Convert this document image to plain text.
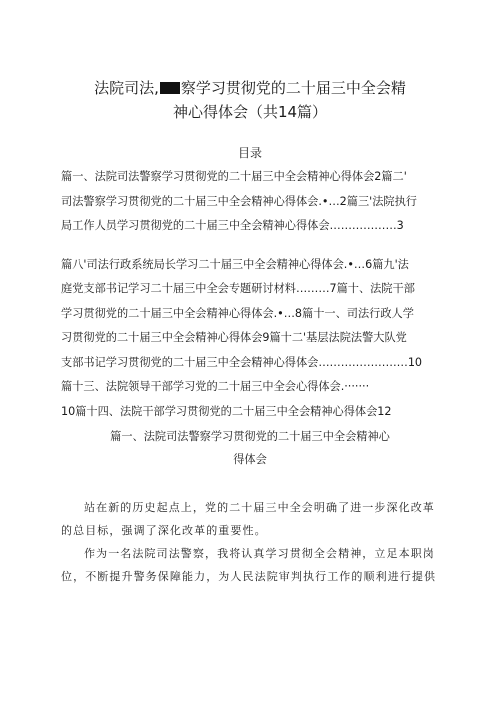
法院司法, 察学习贯彻党的二十届三中全会精
神心得体会（共14篇）
目录
篇一、法院司法警察学习贯彻党的二十届三中全会精神心得体会2篇二'
司法警察学习贯彻党的二十届三中全会精神心得体会.•…2篇三'法院执行
局工作人员学习贯彻党的二十届三中全会精神心得体会………………3
篇八'司法行政系统局长学习二十届三中全会精神心得体会.•…6篇九'法
庭党支部书记学习二十届三中全会专题研讨材料………7篇十、法院干部
学习贯彻党的二十届三中全会精神心得体会.•…8篇十一、司法行政人学
习贯彻党的二十届三中全会精神心得体会9篇十二'基层法院法警大队党
支部书记学习贯彻党的二十届三中全会精神心得体会……………………10
篇十三、法院领导干部学习党的二十届三中全会心得体会.·······
10篇十四、法院干部学习贯彻党的二十届三中全会精神心得体会12
篇一、法院司法警察学习贯彻党的二十届三中全会精神心
得体会
站在新的历史起点上，党的二十届三中全会明确了进一步深化改革
的总目标，强调了深化改革的重要性。
作为一名法院司法警察，我将认真学习贯彻全会精神，立足本职岗
位，不断提升警务保障能力，为人民法院审判执行工作的顺利进行提供
